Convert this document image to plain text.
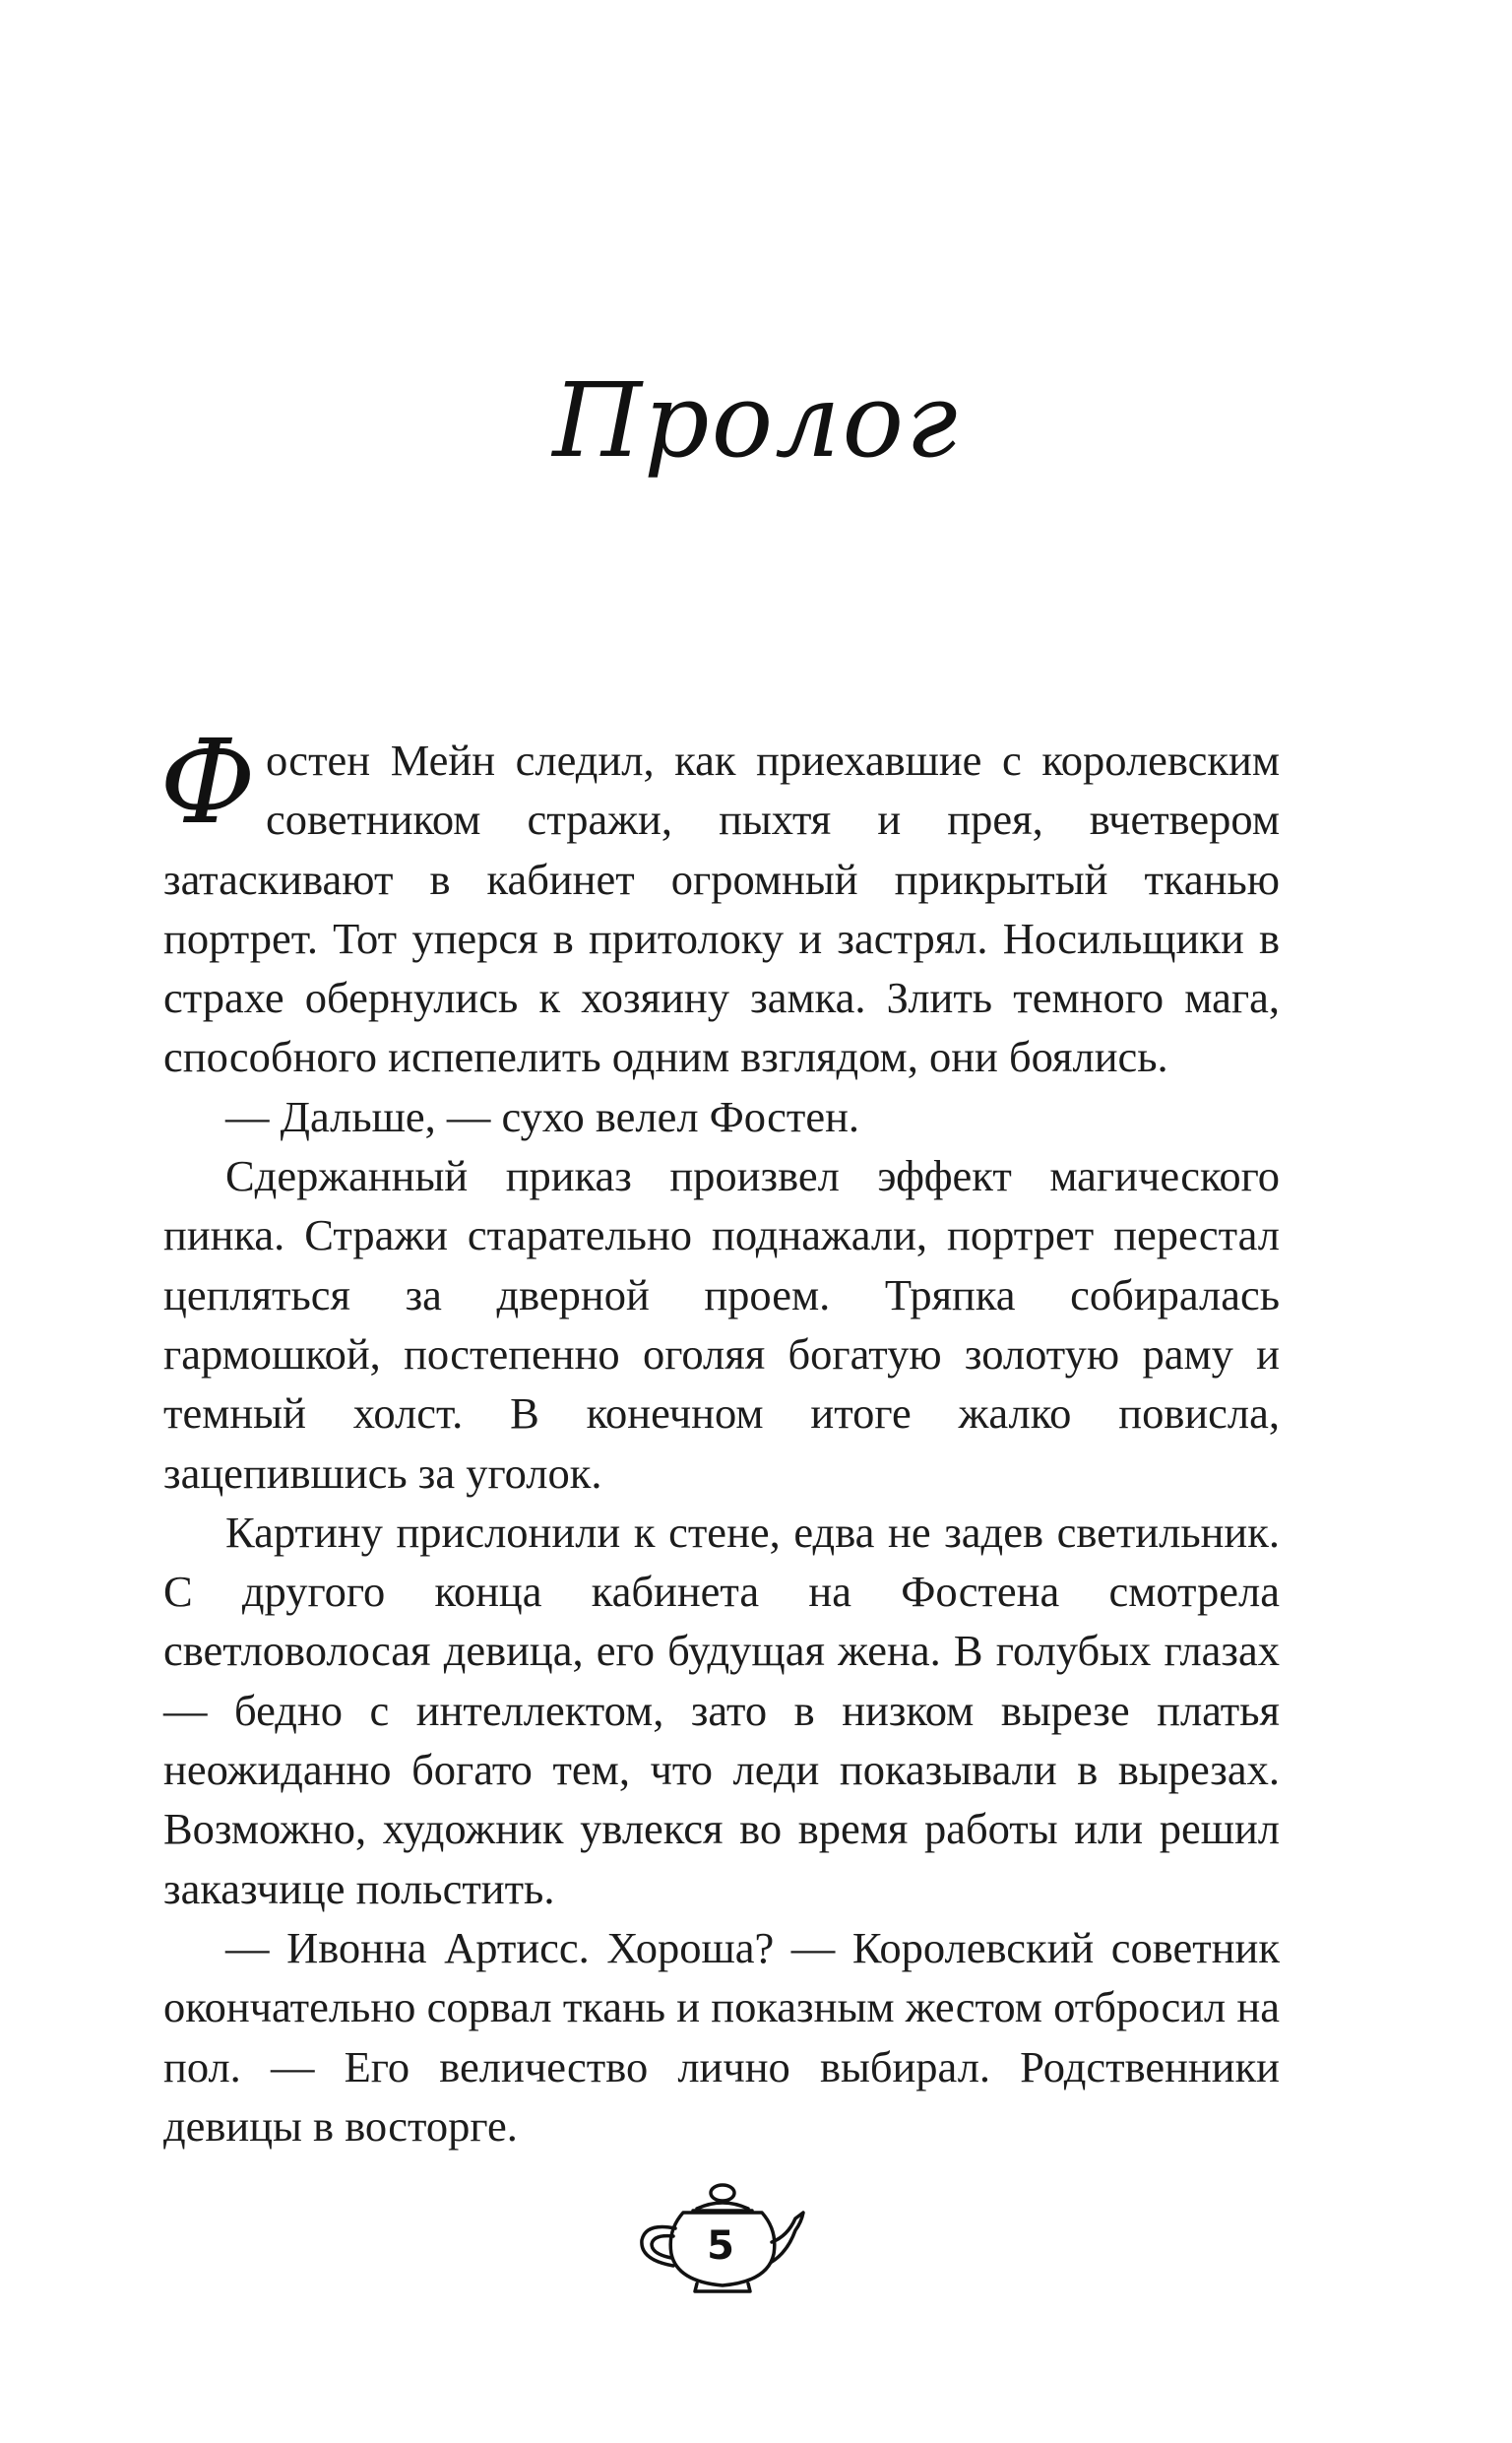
Пролог

Фостен Мейн следил, как приехавшие с королевским советником стражи, пыхтя и прея, вчетвером затаскивают в кабинет огромный прикрытый тканью портрет. Тот уперся в притолоку и застрял. Носильщики в страхе обернулись к хозяину замка. Злить темного мага, способного испепелить одним взглядом, они боялись.

— Дальше, — сухо велел Фостен.

Сдержанный приказ произвел эффект магического пинка. Стражи старательно поднажали, портрет перестал цепляться за дверной проем. Тряпка собиралась гармошкой, постепенно оголяя богатую золотую раму и темный холст. В конечном итоге жалко повисла, зацепившись за уголок.

Картину прислонили к стене, едва не задев светильник. С другого конца кабинета на Фостена смотрела светловолосая девица, его будущая жена. В голубых глазах — бедно с интеллектом, зато в низком вырезе платья неожиданно богато тем, что леди показывали в вырезах. Возможно, художник увлекся во время работы или решил заказчице польстить.

— Ивонна Артисс. Хороша? — Королевский советник окончательно сорвал ткань и показным жестом отбросил на пол. — Его величество лично выбирал. Родственники девицы в восторге.

5
